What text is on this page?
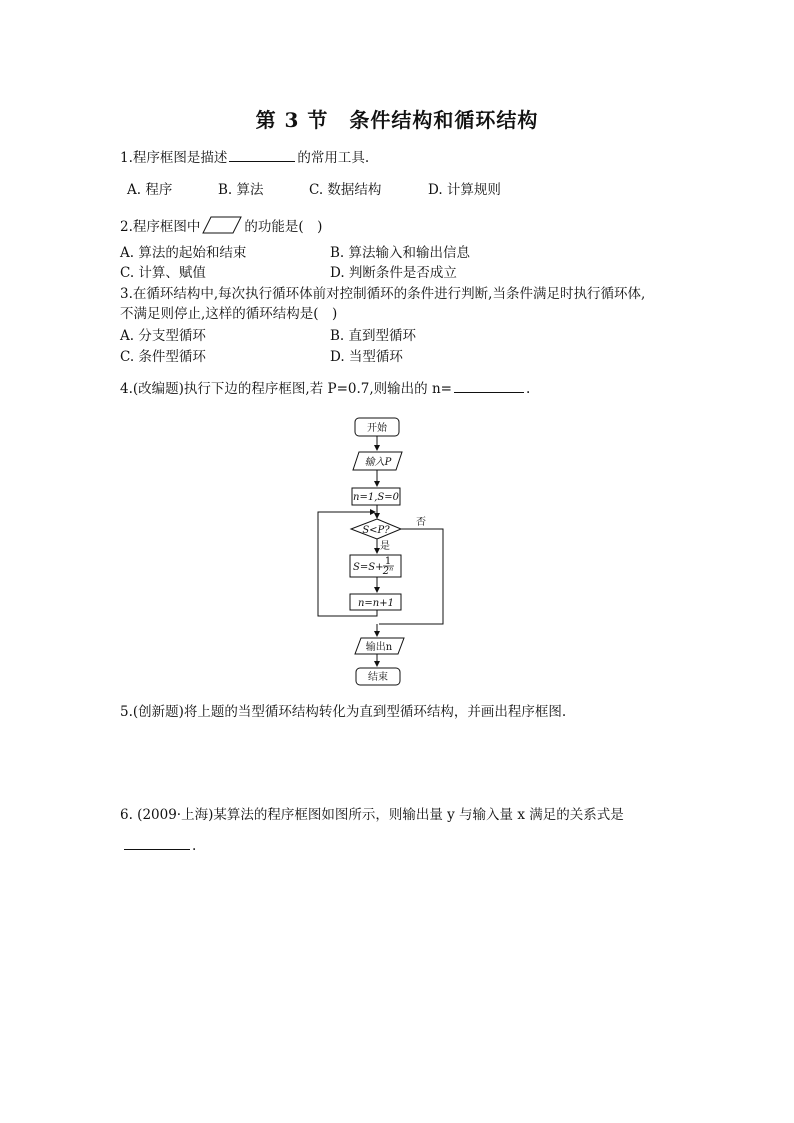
第 3 节　条件结构和循环结构
1.程序框图是描述	的常用工具.
A. 程序	B. 算法	C. 数据结构	D. 计算规则
2.程序框图中	的功能是(　)
A. 算法的起始和结束	B. 算法输入和输出信息
C. 计算、赋值	D. 判断条件是否成立
3.在循环结构中,每次执行循环体前对控制循环的条件进行判断,当条件满足时执行循环体,
不满足则停止,这样的循环结构是(　)
A. 分支型循环	B. 直到型循环
C. 条件型循环	D. 当型循环
4.(改编题)执行下边的程序框图,若 P=0.7,则输出的 n=	.
开始
输入P
n=1,S=0
S<P?
是
否
S=S+
1
2ⁿ
n=n+1
输出n
结束
5.(创新题)将上题的当型循环结构转化为直到型循环结构，并画出程序框图.
6. (2009·上海)某算法的程序框图如图所示，则输出量 y 与输入量 x 满足的关系式是
.
